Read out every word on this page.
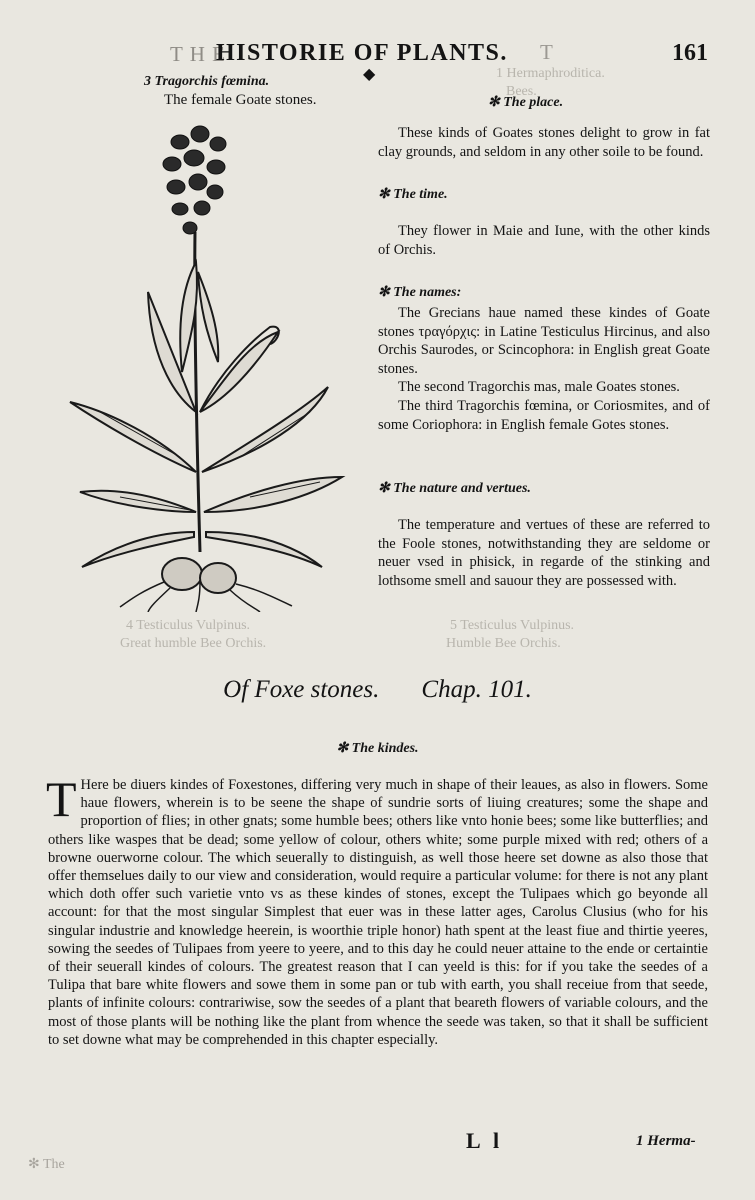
1 Hermaphroditica.
Bees.
4 Testiculus Vulpinus.
Great humble Bee Orchis.
5 Testiculus Vulpinus.
Humble Bee Orchis.
T H E
HISTORIE OF PLANTS.
◆
T	161
3 Tragorchis fœmina.
The female Goate stones.	✻ The place.

These kinds of Goates stones delight to grow in fat clay grounds, and seldom in any other soile to be found.

✻ The time.

They flower in Maie and Iune, with the other kinds of Orchis.

✻ The names:

The Grecians haue named these kindes of Goate stones τραγόρχις: in Latine Testiculus Hircinus, and also Orchis Saurodes, or Scincophora: in English great Goate stones.

The second Tragorchis mas, male Goates stones.

The third Tragorchis fœmina, or Coriosmites, and of some Coriophora: in English female Gotes stones.

✻ The nature and vertues.

The temperature and vertues of these are referred to the Foole stones, notwithstanding they are seldome or neuer vsed in phisick, in regarde of the stinking and lothsome smell and sauour they are possessed with.

Of Foxe stones. Chap. 101.
✻ The kindes.
T Here be diuers kindes of Foxestones, differing very much in shape of their leaues, as also in flowers. Some haue flowers, wherein is to be seene the shape of sundrie sorts of liuing creatures; some the shape and proportion of flies; in other gnats; some humble bees; others like vnto honie bees; some like butterflies; and others like waspes that be dead; some yellow of colour, others white; some purple mixed with red; others of a browne ouerworne colour. The which seuerally to distinguish, as well those heere set downe as also those that offer themselues daily to our view and consideration, would require a particular volume: for there is not any plant which doth offer such varietie vnto vs as these kindes of stones, except the Tulipaes which go beyonde all account: for that the most singular Simplest that euer was in these latter ages, Carolus Clusius (who for his singular industrie and knowledge heerein, is woorthie triple honor) hath spent at the least fiue and thirtie yeeres, sowing the seedes of Tulipaes from yeere to yeere, and to this day he could neuer attaine to the ende or certaintie of their seuerall kindes of colours. The greatest reason that I can yeeld is this: for if you take the seedes of a Tulipa that bare white flowers and sowe them in some pan or tub with earth, you shall receiue from that seede, plants of infinite colours: contrariwise, sow the seedes of a plant that beareth flowers of variable colours, and the most of those plants will be nothing like the plant from whence the seede was taken, so that it shall be sufficient to set downe what may be comprehended in this chapter especially.
✻ The
L l	1 Herma-
